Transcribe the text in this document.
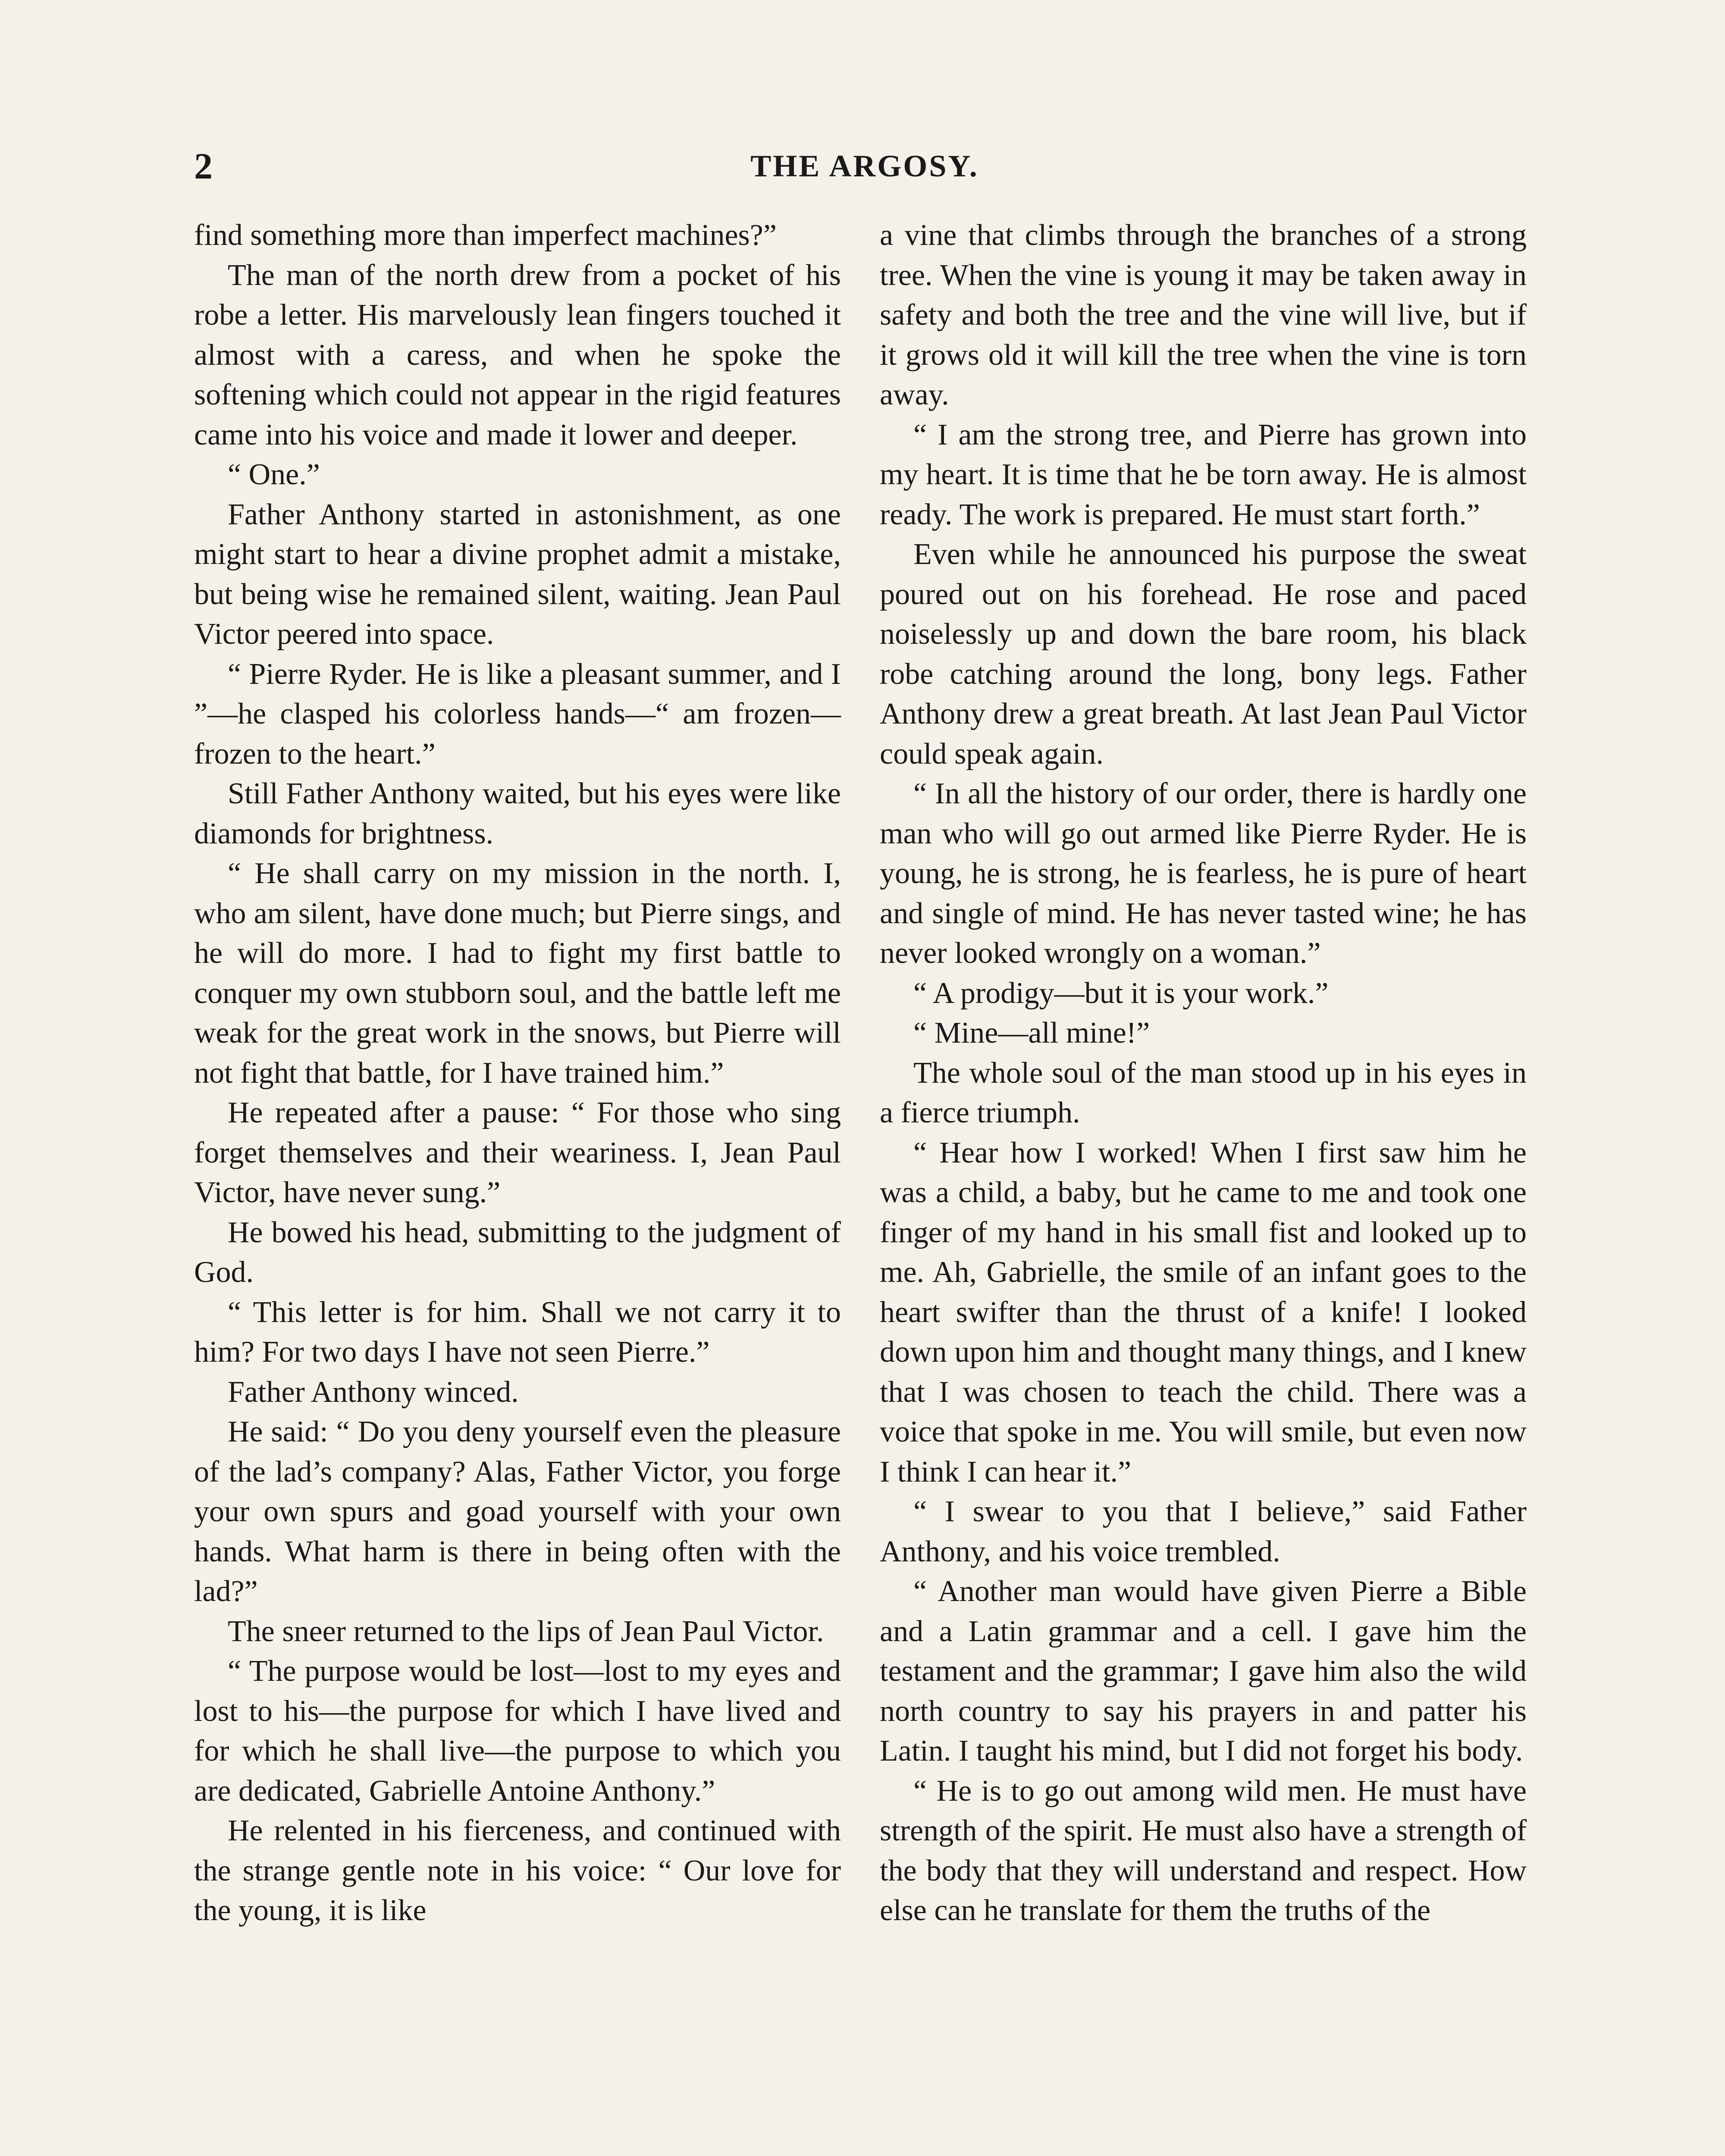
2	THE ARGOSY.

find something more than imperfect machines?”

The man of the north drew from a pocket of his robe a letter. His marvelously lean fingers touched it almost with a caress, and when he spoke the softening which could not appear in the rigid features came into his voice and made it lower and deeper.

“ One.”

Father Anthony started in astonishment, as one might start to hear a divine prophet admit a mistake, but being wise he remained silent, waiting. Jean Paul Victor peered into space.

“ Pierre Ryder. He is like a pleasant summer, and I ”—he clasped his colorless hands—“ am frozen—frozen to the heart.”

Still Father Anthony waited, but his eyes were like diamonds for brightness.

“ He shall carry on my mission in the north. I, who am silent, have done much; but Pierre sings, and he will do more. I had to fight my first battle to conquer my own stubborn soul, and the battle left me weak for the great work in the snows, but Pierre will not fight that battle, for I have trained him.”

He repeated after a pause: “ For those who sing forget themselves and their weariness. I, Jean Paul Victor, have never sung.”

He bowed his head, submitting to the judgment of God.

“ This letter is for him. Shall we not carry it to him? For two days I have not seen Pierre.”

Father Anthony winced.

He said: “ Do you deny yourself even the pleasure of the lad’s company? Alas, Father Victor, you forge your own spurs and goad yourself with your own hands. What harm is there in being often with the lad?”

The sneer returned to the lips of Jean Paul Victor.

“ The purpose would be lost—lost to my eyes and lost to his—the purpose for which I have lived and for which he shall live—the purpose to which you are dedicated, Gabrielle Antoine Anthony.”

He relented in his fierceness, and continued with the strange gentle note in his voice: “ Our love for the young, it is like

a vine that climbs through the branches of a strong tree. When the vine is young it may be taken away in safety and both the tree and the vine will live, but if it grows old it will kill the tree when the vine is torn away.

“ I am the strong tree, and Pierre has grown into my heart. It is time that he be torn away. He is almost ready. The work is prepared. He must start forth.”

Even while he announced his purpose the sweat poured out on his forehead. He rose and paced noiselessly up and down the bare room, his black robe catching around the long, bony legs. Father Anthony drew a great breath. At last Jean Paul Victor could speak again.

“ In all the history of our order, there is hardly one man who will go out armed like Pierre Ryder. He is young, he is strong, he is fearless, he is pure of heart and single of mind. He has never tasted wine; he has never looked wrongly on a woman.”

“ A prodigy—but it is your work.”

“ Mine—all mine!”

The whole soul of the man stood up in his eyes in a fierce triumph.

“ Hear how I worked! When I first saw him he was a child, a baby, but he came to me and took one finger of my hand in his small fist and looked up to me. Ah, Gabrielle, the smile of an infant goes to the heart swifter than the thrust of a knife! I looked down upon him and thought many things, and I knew that I was chosen to teach the child. There was a voice that spoke in me. You will smile, but even now I think I can hear it.”

“ I swear to you that I believe,” said Father Anthony, and his voice trembled.

“ Another man would have given Pierre a Bible and a Latin grammar and a cell. I gave him the testament and the grammar; I gave him also the wild north country to say his prayers in and patter his Latin. I taught his mind, but I did not forget his body.

“ He is to go out among wild men. He must have strength of the spirit. He must also have a strength of the body that they will understand and respect. How else can he translate for them the truths of the
